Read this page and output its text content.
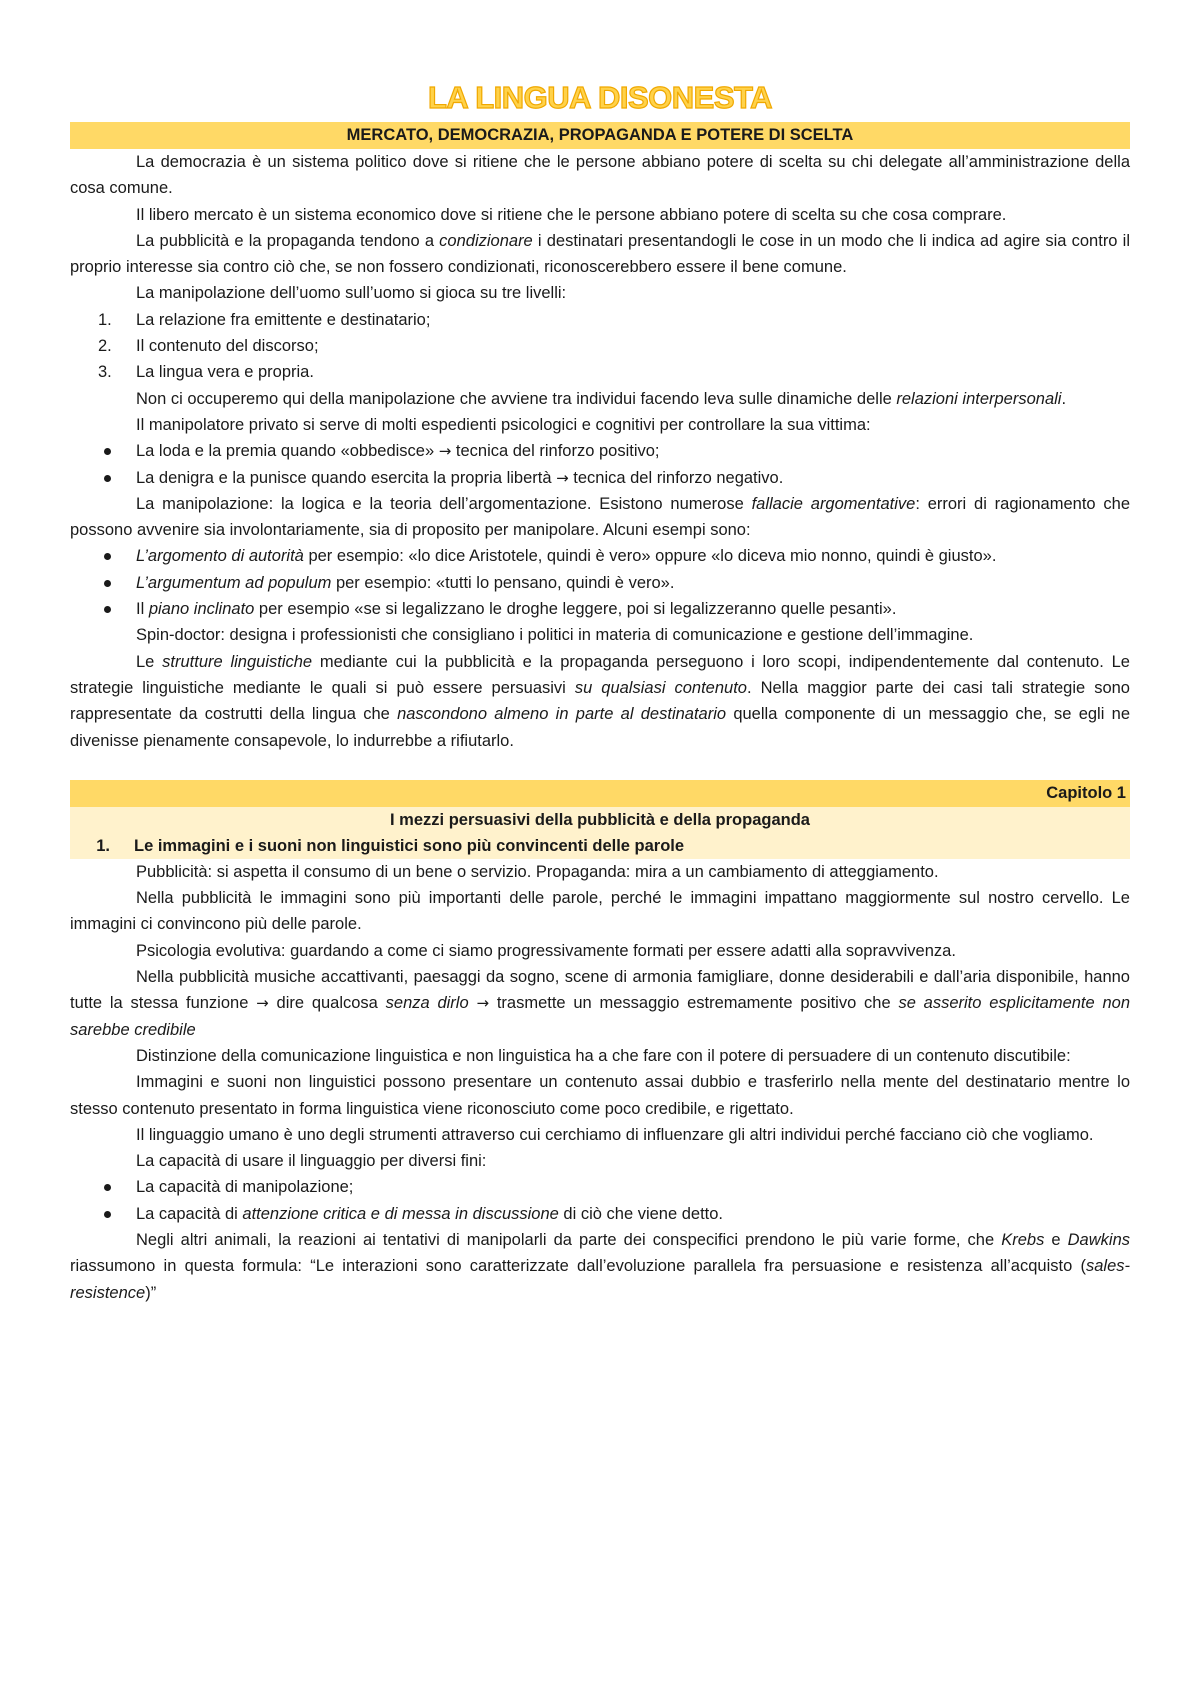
LA LINGUA DISONESTA
MERCATO, DEMOCRAZIA, PROPAGANDA E POTERE DI SCELTA

La democrazia è un sistema politico dove si ritiene che le persone abbiano potere di scelta su chi delegate all’amministrazione della cosa comune.

Il libero mercato è un sistema economico dove si ritiene che le persone abbiano potere di scelta su che cosa comprare.

La pubblicità e la propaganda tendono a condizionare i destinatari presentandogli le cose in un modo che li indica ad agire sia contro il proprio interesse sia contro ciò che, se non fossero condizionati, riconoscerebbero essere il bene comune.

La manipolazione dell’uomo sull’uomo si gioca su tre livelli:

1.	La relazione fra emittente e destinatario;
2.	Il contenuto del discorso;
3.	La lingua vera e propria.

Non ci occuperemo qui della manipolazione che avviene tra individui facendo leva sulle dinamiche delle relazioni interpersonali.

Il manipolatore privato si serve di molti espedienti psicologici e cognitivi per controllare la sua vittima:

La loda e la premia quando «obbedisce» → tecnica del rinforzo positivo;
La denigra e la punisce quando esercita la propria libertà → tecnica del rinforzo negativo.

La manipolazione: la logica e la teoria dell’argomentazione. Esistono numerose fallacie argomentative: errori di ragionamento che possono avvenire sia involontariamente, sia di proposito per manipolare. Alcuni esempi sono:

L’argomento di autorità per esempio: «lo dice Aristotele, quindi è vero» oppure «lo diceva mio nonno, quindi è giusto».
L’argumentum ad populum per esempio: «tutti lo pensano, quindi è vero».
Il piano inclinato per esempio «se si legalizzano le droghe leggere, poi si legalizzeranno quelle pesanti».

Spin-doctor: designa i professionisti che consigliano i politici in materia di comunicazione e gestione dell’immagine.

Le strutture linguistiche mediante cui la pubblicità e la propaganda perseguono i loro scopi, indipendentemente dal contenuto. Le strategie linguistiche mediante le quali si può essere persuasivi su qualsiasi contenuto. Nella maggior parte dei casi tali strategie sono rappresentate da costrutti della lingua che nascondono almeno in parte al destinatario quella componente di un messaggio che, se egli ne divenisse pienamente consapevole, lo indurrebbe a rifiutarlo.

Capitolo 1
I mezzi persuasivi della pubblicità e della propaganda
1.	Le immagini e i suoni non linguistici sono più convincenti delle parole

Pubblicità: si aspetta il consumo di un bene o servizio. Propaganda: mira a un cambiamento di atteggiamento.

Nella pubblicità le immagini sono più importanti delle parole, perché le immagini impattano maggiormente sul nostro cervello. Le immagini ci convincono più delle parole.

Psicologia evolutiva: guardando a come ci siamo progressivamente formati per essere adatti alla sopravvivenza.

Nella pubblicità musiche accattivanti, paesaggi da sogno, scene di armonia famigliare, donne desiderabili e dall’aria disponibile, hanno tutte la stessa funzione → dire qualcosa senza dirlo → trasmette un messaggio estremamente positivo che se asserito esplicitamente non sarebbe credibile

Distinzione della comunicazione linguistica e non linguistica ha a che fare con il potere di persuadere di un contenuto discutibile:

Immagini e suoni non linguistici possono presentare un contenuto assai dubbio e trasferirlo nella mente del destinatario mentre lo stesso contenuto presentato in forma linguistica viene riconosciuto come poco credibile, e rigettato.

Il linguaggio umano è uno degli strumenti attraverso cui cerchiamo di influenzare gli altri individui perché facciano ciò che vogliamo.

La capacità di usare il linguaggio per diversi fini:

La capacità di manipolazione;
La capacità di attenzione critica e di messa in discussione di ciò che viene detto.

Negli altri animali, la reazioni ai tentativi di manipolarli da parte dei conspecifici prendono le più varie forme, che Krebs e Dawkins riassumono in questa formula: “Le interazioni sono caratterizzate dall’evoluzione parallela fra persuasione e resistenza all’acquisto (sales-resistence)”
